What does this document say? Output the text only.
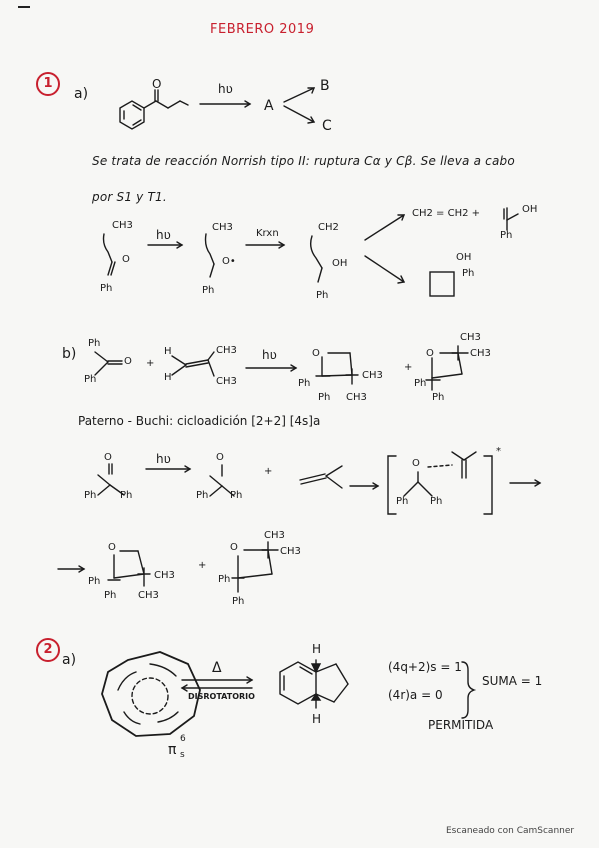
FEBRERO 2019
1
a)
O	hʋ
A
B
C
Se trata de reacción Norrish tipo II: ruptura Cα y Cβ. Se lleva a cabo
por S1 y T1.
CH3
O
Ph
hʋ
CH3
O•
Ph
Krxn
CH2
OH
Ph
CH2 = CH2 +	OH
Ph
OH
Ph
b)
Ph
O
Ph
+
H
H
CH3
CH3
hʋ	O
Ph
Ph
CH3
CH3
+
O
CH3
CH3
Ph
Ph
Paterno - Buchi: cicloadición [2+2] [4s]a
O
Ph Ph
hʋ	O
Ph Ph
+
O
Ph Ph
*
O
Ph
CH3
Ph CH3
+
O
CH3
CH3
Ph
Ph
2
a)	Δ
DISROTATORIO
π
6
s
H
H
(4q+2)s = 1
(4r)a = 0
SUMA = 1
PERMITIDA
Escaneado con CamScanner
